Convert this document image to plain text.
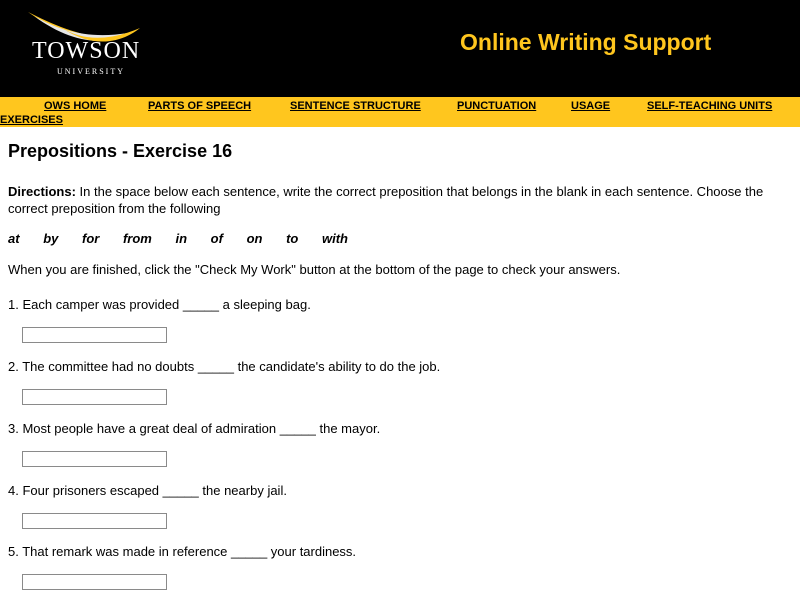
TOWSON
UNIVERSITY
Online Writing Support
OWS HOME	PARTS OF SPEECH	SENTENCE STRUCTURE	PUNCTUATION	USAGE	SELF-TEACHING UNITS
EXERCISES
Prepositions - Exercise 16

Directions: In the space below each sentence, write the correct preposition that belongs in the blank in each sentence. Choose the correct preposition from the following

at by for from in of on to with

When you are finished, click the "Check My Work" button at the bottom of the page to check your answers.

1. Each camper was provided _____ a sleeping bag.

2. The committee had no doubts _____ the candidate's ability to do the job.

3. Most people have a great deal of admiration _____ the mayor.

4. Four prisoners escaped _____ the nearby jail.

5. That remark was made in reference _____ your tardiness.
